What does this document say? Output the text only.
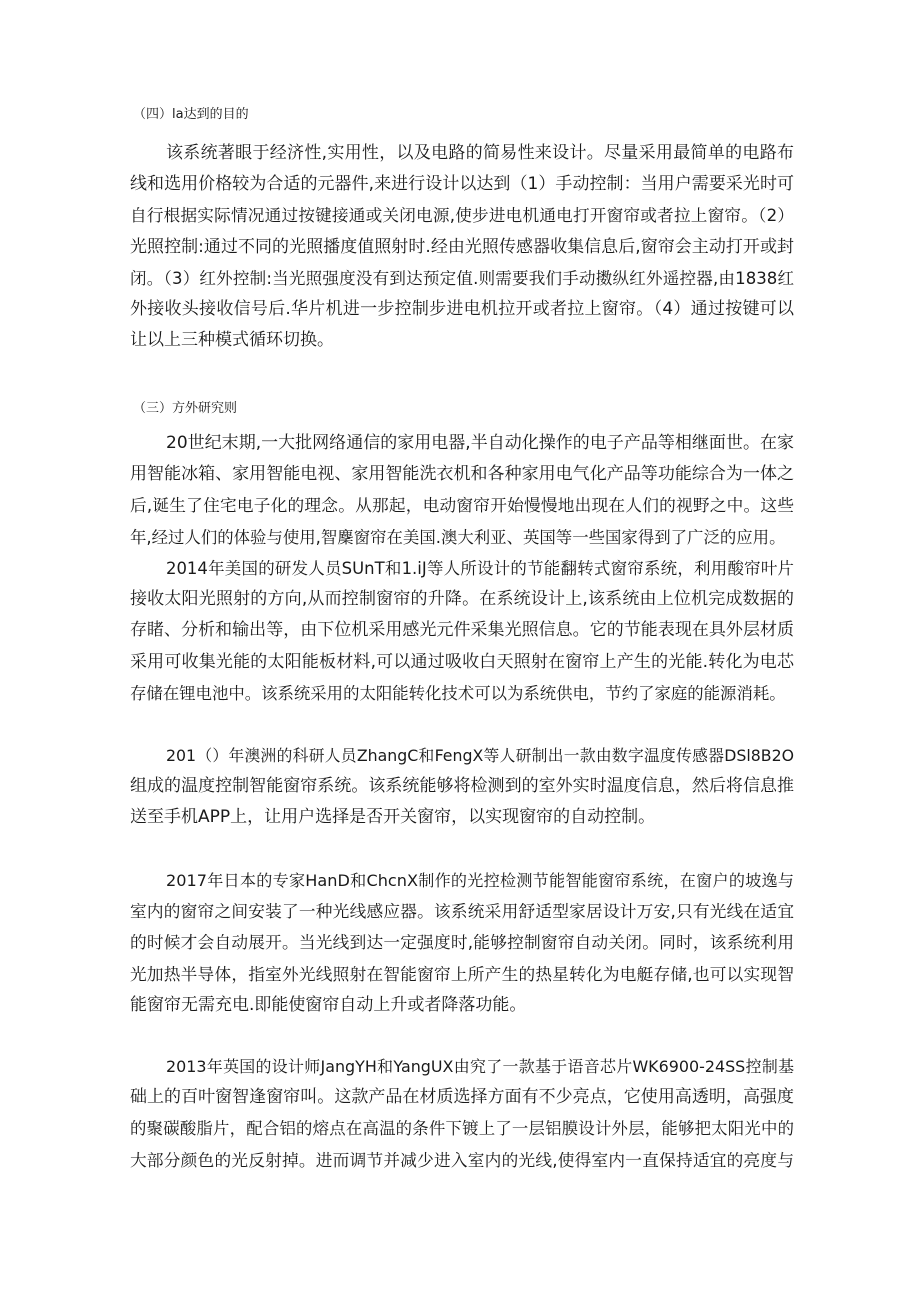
（四）la达到的目的
该系统著眼于经济性,实用性，以及电路的简易性来设计。尽量采用最简单的电路布
线和选用价格较为合适的元器件,来进行设计以达到（1）手动控制：当用户需要采光时可
自行根据实际情况通过按键接通或关闭电源,使步进电机通电打开窗帘或者拉上窗帘。（2）
光照控制:通过不同的光照播度值照射时.经由光照传感器收集信息后,窗帘会主动打开或封
闭。（3）红外控制:当光照强度没有到达预定值.则需要我们手动擞纵红外遥控器,由1838红
外接收头接收信号后.华片机进一步控制步进电机拉开或者拉上窗帘。（4）通过按键可以
让以上三种模式循环切换。
（三）方外研究则
20世纪末期,一大批网络通信的家用电器,半自动化操作的电子产品等相继面世。在家
用智能冰箱、家用智能电视、家用智能洗衣机和各种家用电气化产品等功能综合为一体之
后,诞生了住宅电子化的理念。从那起，电动窗帘开始慢慢地出现在人们的视野之中。这些
年,经过人们的体验与使用,智麇窗帘在美国.澳大利亚、英国等一些国家得到了广泛的应用。
2014年美国的研发人员SUnT和1.iJ等人所设计的节能翻转式窗帘系统，利用酸帘叶片
接收太阳光照射的方向,从而控制窗帘的升降。在系统设计上,该系统由上位机完成数据的
存睹、分析和输出等，由下位机采用感光元件采集光照信息。它的节能表现在具外层材质
采用可收集光能的太阳能板材料,可以通过吸收白天照射在窗帘上产生的光能.转化为电芯
存储在锂电池中。该系统采用的太阳能转化技术可以为系统供电，节约了家庭的能源消耗。
201（）年澳洲的科研人员ZhangC和FengX等人研制出一款由数字温度传感器DSl8B2O
组成的温度控制智能窗帘系统。该系统能够将检测到的室外实时温度信息，然后将信息推
送至手机APP上，让用户选择是否开关窗帘，以实现窗帘的自动控制。
2017年日本的专家HanD和ChcnX制作的光控检测节能智能窗帘系统，在窗户的坡逸与
室内的窗帘之间安装了一种光线感应器。该系统采用舒适型家居设计万安,只有光线在适宜
的时候才会自动展开。当光线到达一定强度时,能够控制窗帘自动关闭。同时，该系统利用
光加热半导体，指室外光线照射在智能窗帘上所产生的热星转化为电艇存储,也可以实现智
能窗帘无需充电.即能使窗帘自动上升或者降落功能。
2013年英国的设计师JangYH和YangUX由究了一款基于语音芯片WK6900-24SS控制基
础上的百叶窗智逢窗帘叫。这款产品在材质选择方面有不少亮点，它使用高透明，高强度
的聚碳酸脂片，配合铝的熔点在高温的条件下镀上了一层铝膜设计外层，能够把太阳光中的
大部分颜色的光反射掉。进而调节并减少进入室内的光线,使得室内一直保持适宜的亮度与
